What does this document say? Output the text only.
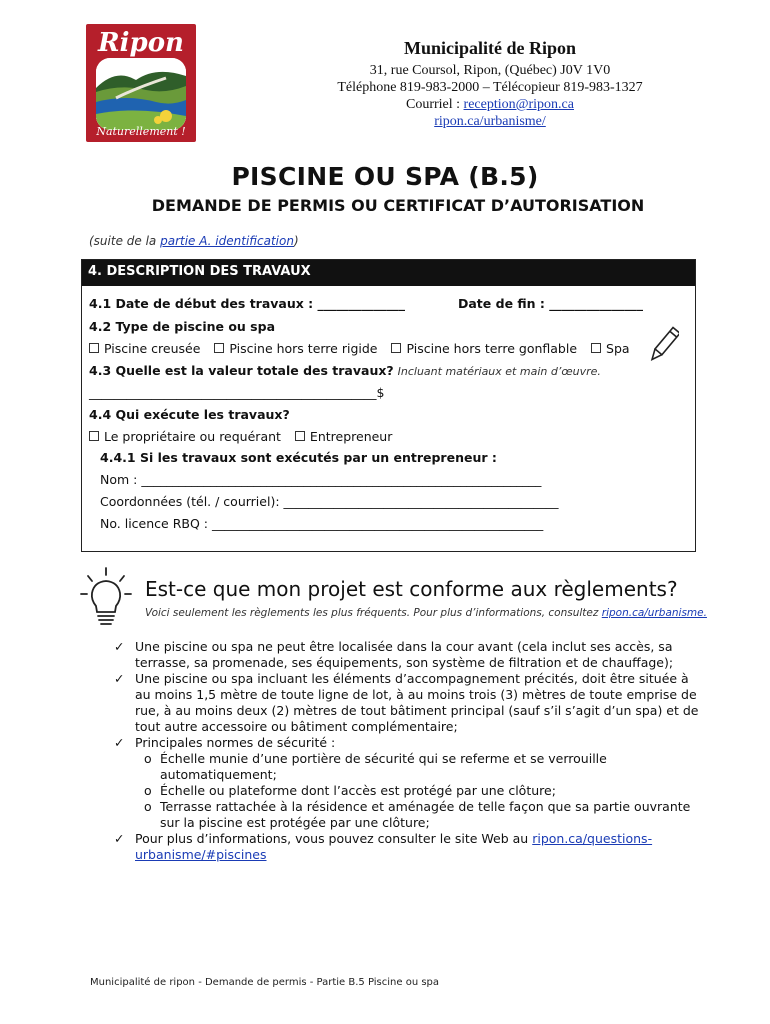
Ripon
Naturellement !
Municipalité de Ripon
31, rue Coursol, Ripon, (Québec) J0V 1V0
Téléphone 819-983-2000 – Télécopieur 819-983-1327
Courriel : reception@ripon.ca
ripon.ca/urbanisme/
PISCINE OU SPA (B.5)
DEMANDE DE PERMIS OU CERTIFICAT D’AUTORISATION
(suite de la partie A. identification)
4. DESCRIPTION DES TRAVAUX
4.1 Date de début des travaux : ______________	Date de fin : _______________
4.2 Type de piscine ou spa
Piscine creusée Piscine hors terre rigide Piscine hors terre gonflable Spa
4.3 Quelle est la valeur totale des travaux? Incluant matériaux et main d’œuvre.
______________________________________________$
4.4 Qui exécute les travaux?
Le propriétaire ou requérant Entrepreneur
4.4.1 Si les travaux sont exécutés par un entrepreneur :
Nom : ________________________________________________________________
Coordonnées (tél. / courriel): ____________________________________________
No. licence RBQ : _____________________________________________________
Est-ce que mon projet est conforme aux règlements?
Voici seulement les règlements les plus fréquents. Pour plus d’informations, consultez ripon.ca/urbanisme.
✓ Une piscine ou spa ne peut être localisée dans la cour avant (cela inclut ses accès, sa terrasse, sa promenade, ses équipements, son système de filtration et de chauffage);
✓ Une piscine ou spa incluant les éléments d’accompagnement précités, doit être située à au moins 1,5 mètre de toute ligne de lot, à au moins trois (3) mètres de toute emprise de rue, à au moins deux (2) mètres de tout bâtiment principal (sauf s’il s’agit d’un spa) et de tout autre accessoire ou bâtiment complémentaire;
✓ Principales normes de sécurité :
o Échelle munie d’une portière de sécurité qui se referme et se verrouille automatiquement;
o Échelle ou plateforme dont l’accès est protégé par une clôture;
o Terrasse rattachée à la résidence et aménagée de telle façon que sa partie ouvrante sur la piscine est protégée par une clôture;
✓ Pour plus d’informations, vous pouvez consulter le site Web au ripon.ca/questions-urbanisme/#piscines
Municipalité de ripon - Demande de permis - Partie B.5 Piscine ou spa
